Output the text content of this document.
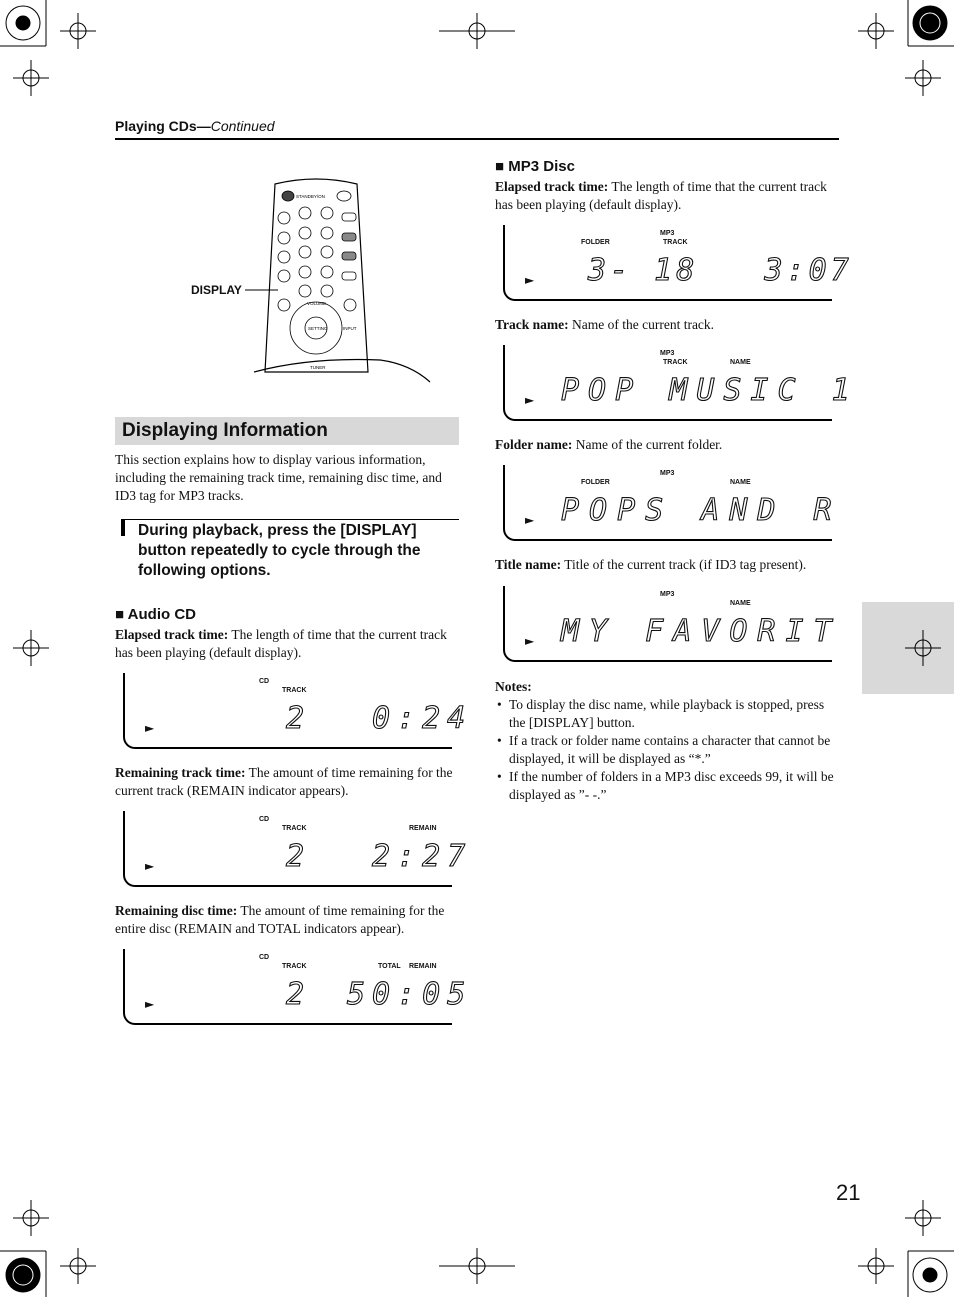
Playing CDs—Continued
STANDBY/ON
VOLUME
SETTING	INPUT
TUNER
DISPLAY
Displaying Information
This section explains how to display various information, including the remaining track time, remaining disc time, and ID3 tag for MP3 tracks.
During playback, press the [DISPLAY] button repeatedly to cycle through the following options.
■ Audio CD
Elapsed track time: The length of time that the current track has been playing (default display).
CD
TRACK
►	2 0:24
Remaining track time: The amount of time remaining for the current track (REMAIN indicator appears).
CD
TRACK	REMAIN
►	2 2:27
Remaining disc time: The amount of time remaining for the entire disc (REMAIN and TOTAL indicators appear).
CD
TRACK	TOTAL REMAIN
►	2 50:05
■ MP3 Disc
Elapsed track time: The length of time that the current track has been playing (default display).
MP3
FOLDER	TRACK
► 3- 18   3:07
Track name: Name of the current track.
MP3
TRACK	NAME
► POP MUSIC 1
Folder name: Name of the current folder.
MP3
FOLDER	NAME
► POPS AND R
Title name: Title of the current track (if ID3 tag present).
MP3
NAME
► MY FAVORIT
Notes:
• To display the disc name, while playback is stopped, press the [DISPLAY] button.
• If a track or folder name contains a character that cannot be displayed, it will be displayed as “*.”
• If the number of folders in a MP3 disc exceeds 99, it will be displayed as ”- -.”
21
